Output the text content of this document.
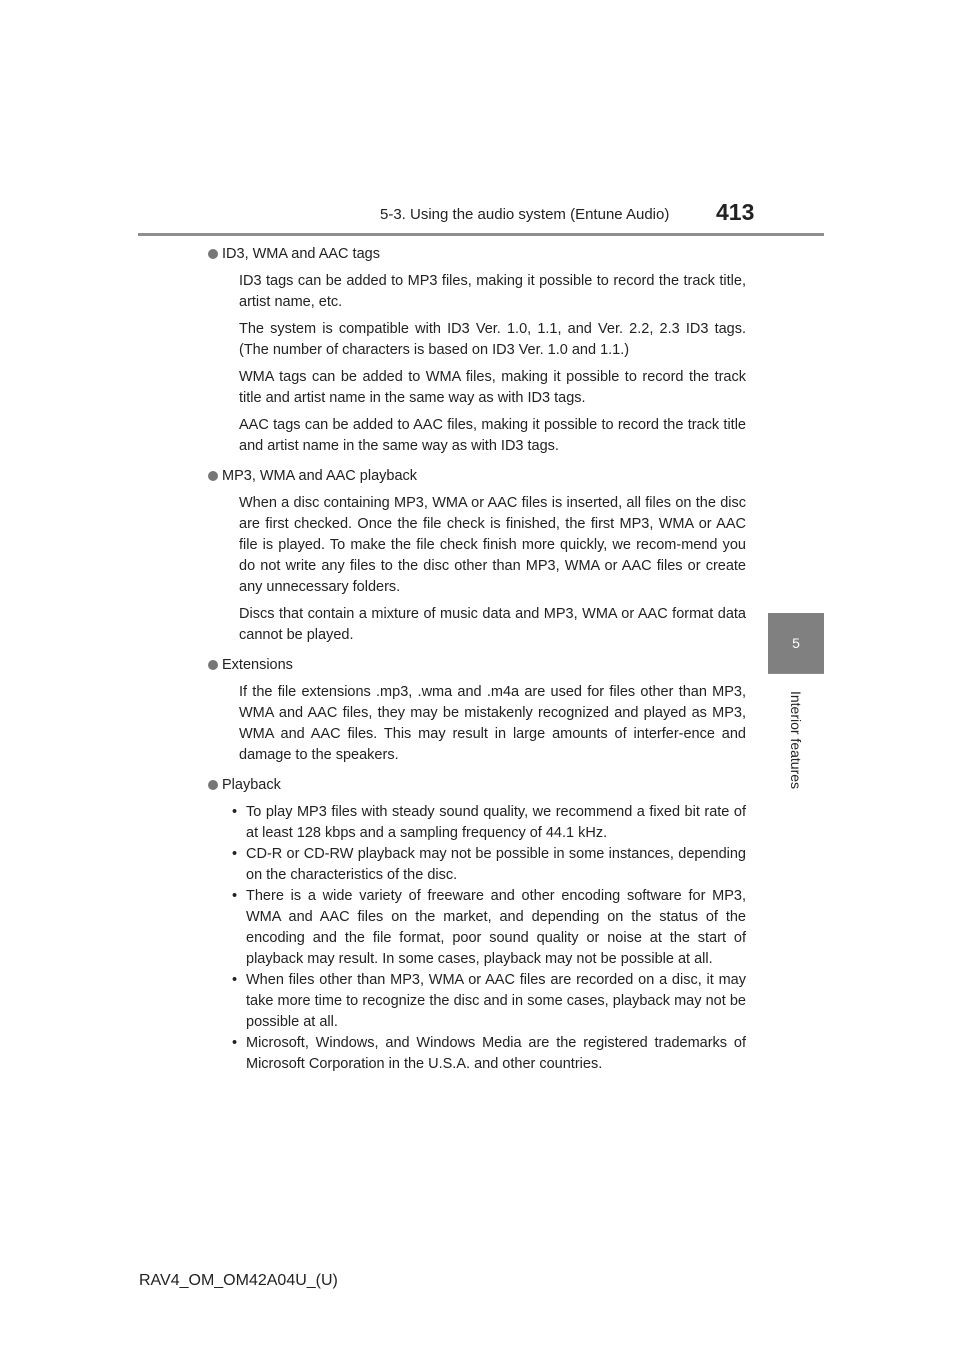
5-3. Using the audio system (Entune Audio) 413
5
Interior features
ID3, WMA and AAC tags

ID3 tags can be added to MP3 files, making it possible to record the track title, artist name, etc.

The system is compatible with ID3 Ver. 1.0, 1.1, and Ver. 2.2, 2.3 ID3 tags. (The number of characters is based on ID3 Ver. 1.0 and 1.1.)

WMA tags can be added to WMA files, making it possible to record the track title and artist name in the same way as with ID3 tags.

AAC tags can be added to AAC files, making it possible to record the track title and artist name in the same way as with ID3 tags.

MP3, WMA and AAC playback

When a disc containing MP3, WMA or AAC files is inserted, all files on the disc are first checked. Once the file check is finished, the first MP3, WMA or AAC file is played. To make the file check finish more quickly, we recom-mend you do not write any files to the disc other than MP3, WMA or AAC files or create any unnecessary folders.

Discs that contain a mixture of music data and MP3, WMA or AAC format data cannot be played.

Extensions

If the file extensions .mp3, .wma and .m4a are used for files other than MP3, WMA and AAC files, they may be mistakenly recognized and played as MP3, WMA and AAC files. This may result in large amounts of interfer-ence and damage to the speakers.

Playback
• To play MP3 files with steady sound quality, we recommend a fixed bit rate of at least 128 kbps and a sampling frequency of 44.1 kHz.
• CD-R or CD-RW playback may not be possible in some instances, depending on the characteristics of the disc.
• There is a wide variety of freeware and other encoding software for MP3, WMA and AAC files on the market, and depending on the status of the encoding and the file format, poor sound quality or noise at the start of playback may result. In some cases, playback may not be possible at all.
• When files other than MP3, WMA or AAC files are recorded on a disc, it may take more time to recognize the disc and in some cases, playback may not be possible at all.
• Microsoft, Windows, and Windows Media are the registered trademarks of Microsoft Corporation in the U.S.A. and other countries.
RAV4_OM_OM42A04U_(U)
